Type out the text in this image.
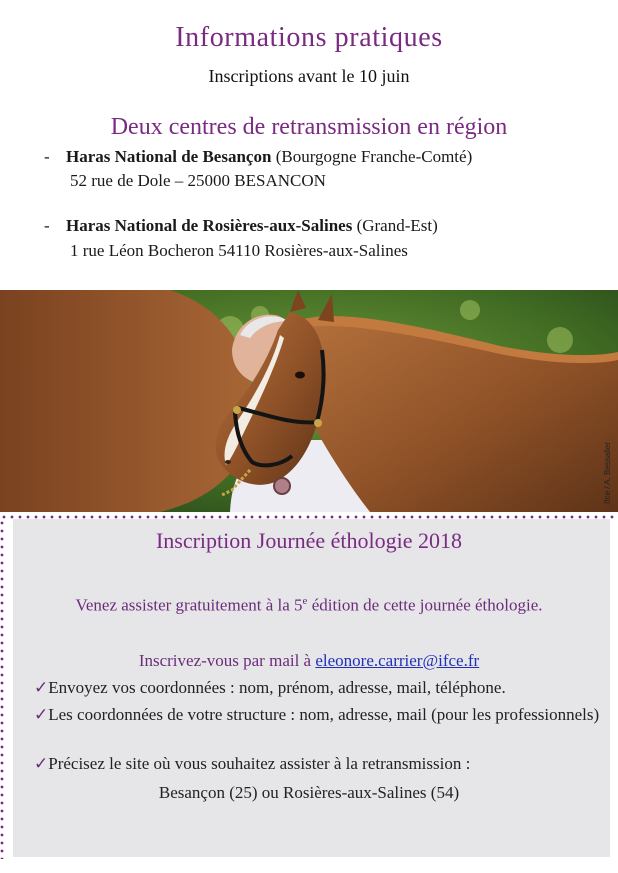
Informations pratiques
Inscriptions avant le 10 juin
Deux centres de retransmission en région
- Haras National de Besançon (Bourgogne Franche-Comté)
52 rue de Dole – 25000 BESANCON
- Haras National de Rosières-aux-Salines (Grand-Est)
1 rue Léon Bocheron 54110 Rosières-aux-Salines
Ifce / A. Bessalier
Inscription Journée éthologie 2018
Venez assister gratuitement à la 5e édition de cette journée éthologie.
Inscrivez-vous par mail à eleonore.carrier@ifce.fr
✓Envoyez vos coordonnées : nom, prénom, adresse, mail, téléphone.
✓Les coordonnées de votre structure : nom, adresse, mail (pour les professionnels)
✓Précisez le site où vous souhaitez assister à la retransmission :
Besançon (25) ou Rosières-aux-Salines (54)
